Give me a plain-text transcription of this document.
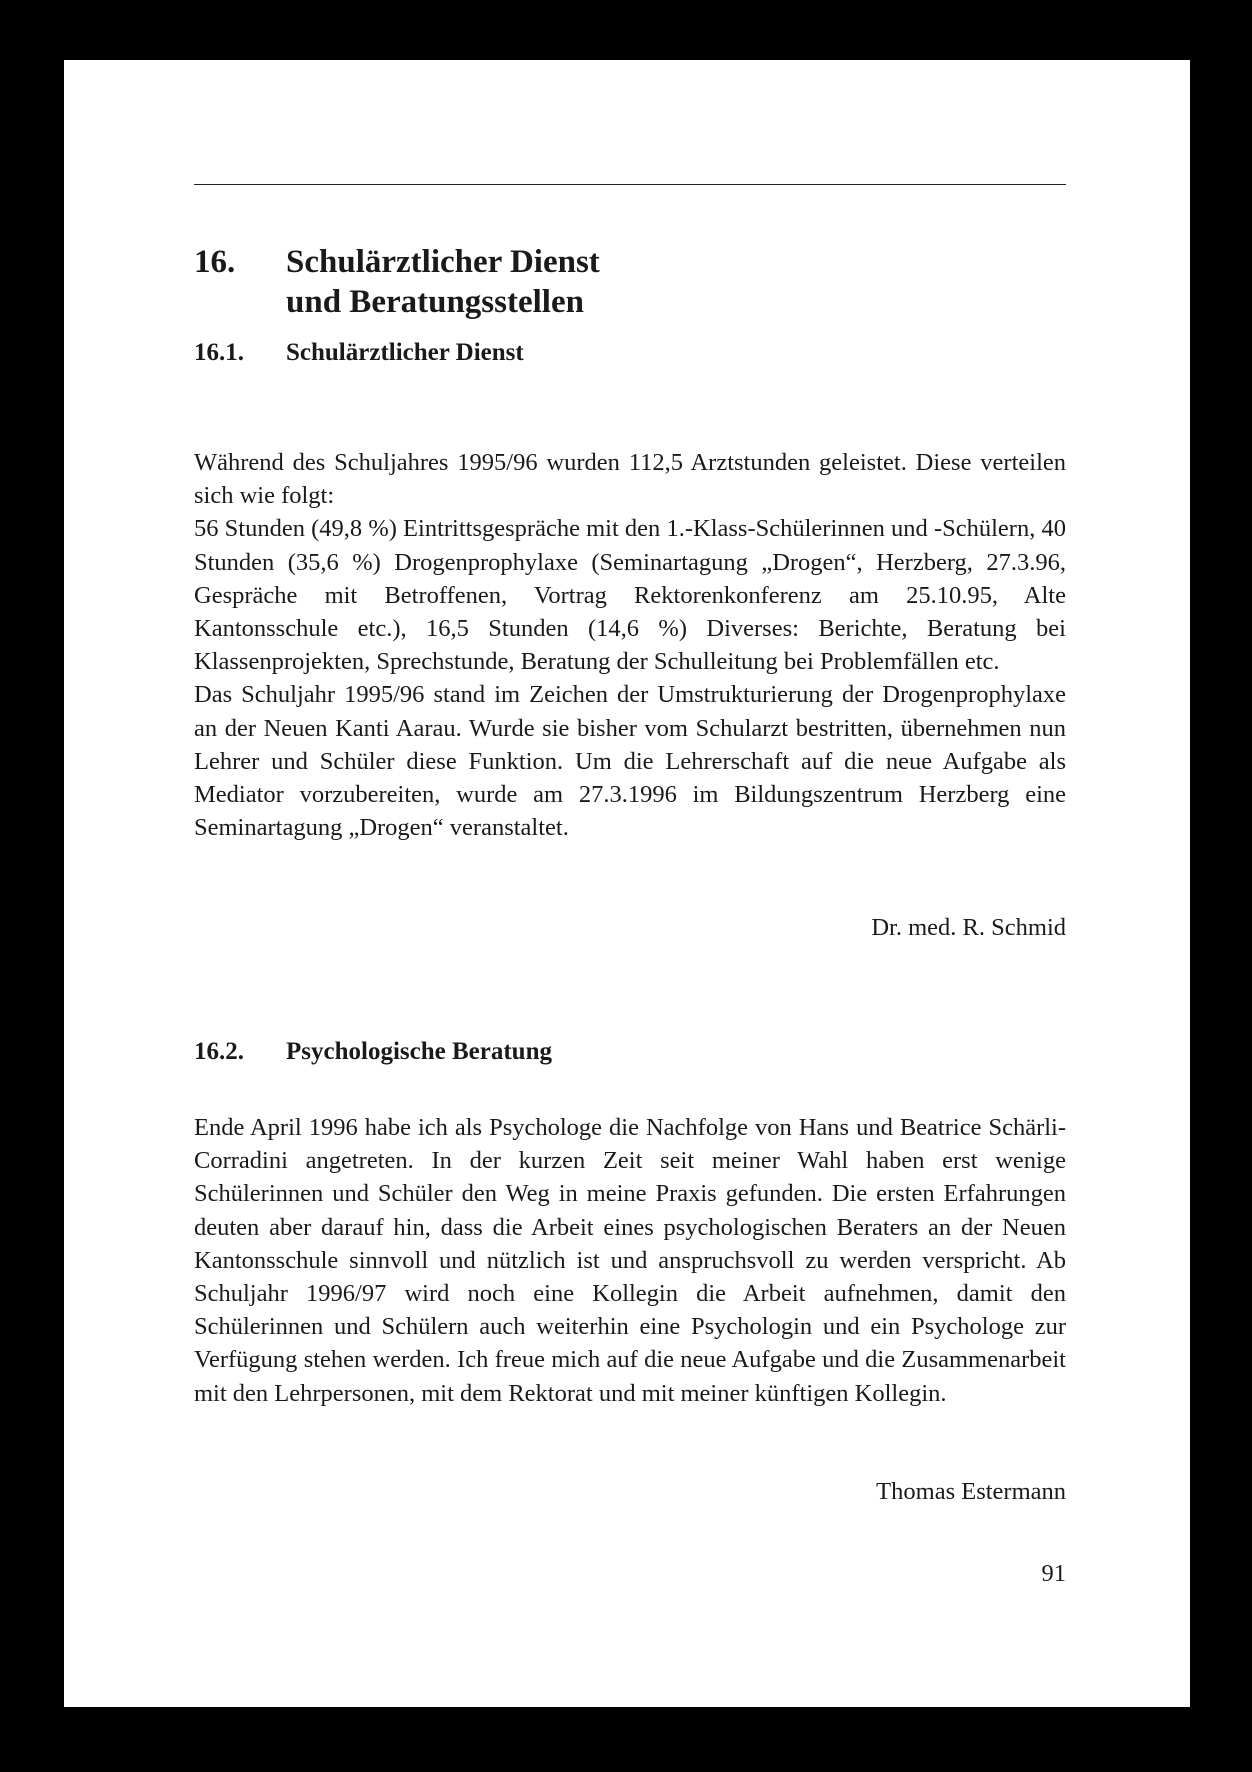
16.	Schulärztlicher Dienst
und Beratungsstellen
16.1. Schulärztlicher Dienst

Während des Schuljahres 1995/96 wurden 112,5 Arztstunden geleistet. Diese verteilen sich wie folgt:

56 Stunden (49,8 %) Eintrittsgespräche mit den 1.-Klass-Schülerinnen und -Schülern, 40 Stunden (35,6 %) Drogenprophylaxe (Seminartagung „Drogen“, Herzberg, 27.3.96, Gespräche mit Betroffenen, Vortrag Rektorenkonferenz am 25.10.95, Alte Kantonsschule etc.), 16,5 Stunden (14,6 %) Diverses: Berichte, Beratung bei Klassenprojekten, Sprechstunde, Beratung der Schulleitung bei Problemfällen etc.

Das Schuljahr 1995/96 stand im Zeichen der Umstrukturierung der Drogenprophylaxe an der Neuen Kanti Aarau. Wurde sie bisher vom Schularzt bestritten, übernehmen nun Lehrer und Schüler diese Funktion. Um die Lehrerschaft auf die neue Aufgabe als Mediator vorzubereiten, wurde am 27.3.1996 im Bildungszentrum Herzberg eine Seminartagung „Drogen“ veranstaltet.

Dr. med. R. Schmid
16.2. Psychologische Beratung

Ende April 1996 habe ich als Psychologe die Nachfolge von Hans und Beatrice Schärli-Corradini angetreten. In der kurzen Zeit seit meiner Wahl haben erst wenige Schülerinnen und Schüler den Weg in meine Praxis gefunden. Die ersten Erfahrungen deuten aber darauf hin, dass die Arbeit eines psychologischen Beraters an der Neuen Kantonsschule sinnvoll und nützlich ist und anspruchsvoll zu werden verspricht. Ab Schuljahr 1996/97 wird noch eine Kollegin die Arbeit aufnehmen, damit den Schülerinnen und Schülern auch weiterhin eine Psychologin und ein Psychologe zur Verfügung stehen werden. Ich freue mich auf die neue Aufgabe und die Zusammenarbeit mit den Lehrpersonen, mit dem Rektorat und mit meiner künftigen Kollegin.

Thomas Estermann
91
